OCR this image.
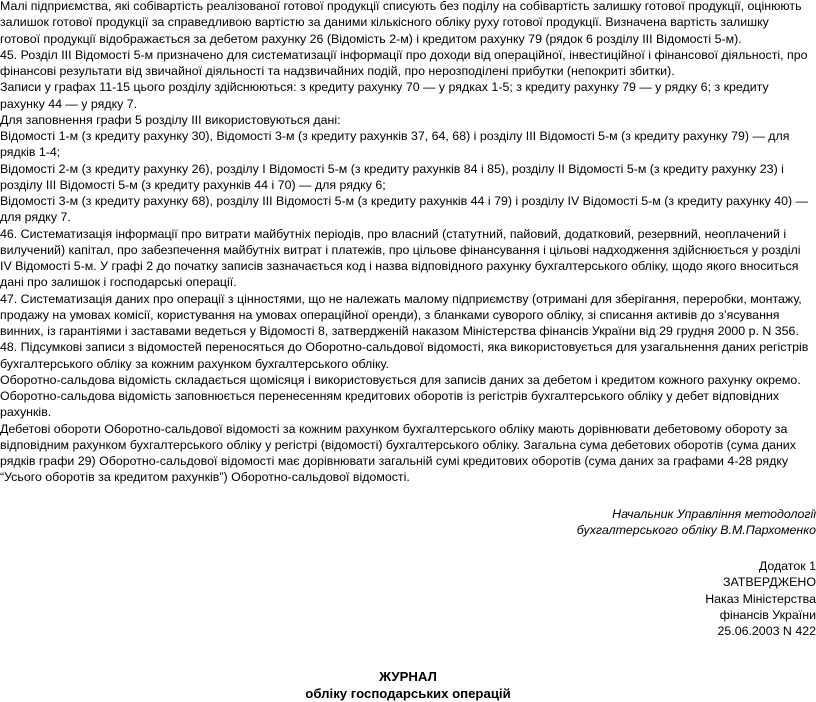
Малі підприємства, які собівартість реалізованої готової продукції списують без поділу на собівартість залишку готової продукції, оцінюють залишок готової продукції за справедливою вартістю за даними кількісного обліку руху готової продукції. Визначена вартість залишку готової продукції відображається за дебетом рахунку 26 (Відомість 2-м) і кредитом рахунку 79 (рядок 6 розділу III Відомості 5-м).

45. Розділ III Відомості 5-м призначено для систематизації інформації про доходи від операційної, інвестиційної і фінансової діяльності, про фінансові результати від звичайної діяльності та надзвичайних подій, про нерозподілені прибутки (непокриті збитки).

Записи у графах 11-15 цього розділу здійснюються: з кредиту рахунку 70 — у рядках 1-5; з кредиту рахунку 79 — у рядку 6; з кредиту рахунку 44 — у рядку 7.

Для заповнення графи 5 розділу III використовуються дані:

Відомості 1-м (з кредиту рахунку 30), Відомості 3-м (з кредиту рахунків 37, 64, 68) і розділу III Відомості 5-м (з кредиту рахунку 79) — для рядків 1-4;

Відомості 2-м (з кредиту рахунку 26), розділу I Відомості 5-м (з кредиту рахунків 84 і 85), розділу II Відомості 5-м (з кредиту рахунку 23) і розділу III Відомості 5-м (з кредиту рахунків 44 і 70) — для рядку 6;

Відомості 3-м (з кредиту рахунку 68), розділу III Відомості 5-м (з кредиту рахунків 44 і 79) і розділу IV Відомості 5-м (з кредиту рахунку 40) — для рядку 7.

46. Систематизація інформації про витрати майбутніх періодів, про власний (статутний, пайовий, додатковий, резервний, неоплачений і вилучений) капітал, про забезпечення майбутніх витрат і платежів, про цільове фінансування і цільові надходження здійснюється у розділі IV Відомості 5-м. У графі 2 до початку записів зазначається код і назва відповідного рахунку бухгалтерського обліку, щодо якого вноситься дані про залишок і господарські операції.

47. Систематизація даних про операції з цінностями, що не належать малому підприємству (отримані для зберігання, переробки, монтажу, продажу на умовах комісії, користування на умовах операційної оренди), з бланками суворого обліку, зі списання активів до з’ясування винних, із гарантіями і заставами ведеться у Відомості 8, затвердженій наказом Міністерства фінансів України від 29 грудня 2000 р. N 356.

48. Підсумкові записи з відомостей переносяться до Оборотно-сальдової відомості, яка використовується для узагальнення даних регістрів бухгалтерського обліку за кожним рахунком бухгалтерського обліку.

Оборотно-сальдова відомість складається щомісяця і використовується для записів даних за дебетом і кредитом кожного рахунку окремо.

Оборотно-сальдова відомість заповнюється перенесенням кредитових оборотів із регістрів бухгалтерського обліку у дебет відповідних рахунків.

Дебетові обороти Оборотно-сальдової відомості за кожним рахунком бухгалтерського обліку мають дорівнювати дебетовому обороту за відповідним рахунком бухгалтерського обліку у регістрі (відомості) бухгалтерського обліку. Загальна сума дебетових оборотів (сума даних рядків графи 29) Оборотно-сальдової відомості має дорівнювати загальній сумі кредитових оборотів (сума даних за графами 4-28 рядку “Усього оборотів за кредитом рахунків”) Оборотно-сальдової відомості.

Начальник Управління методології

бухгалтерського обліку В.М.Пархоменко

Додаток 1

ЗАТВЕРДЖЕНО

Наказ Міністерства

фінансів України

25.06.2003 N 422

ЖУРНАЛ

обліку господарських операцій
